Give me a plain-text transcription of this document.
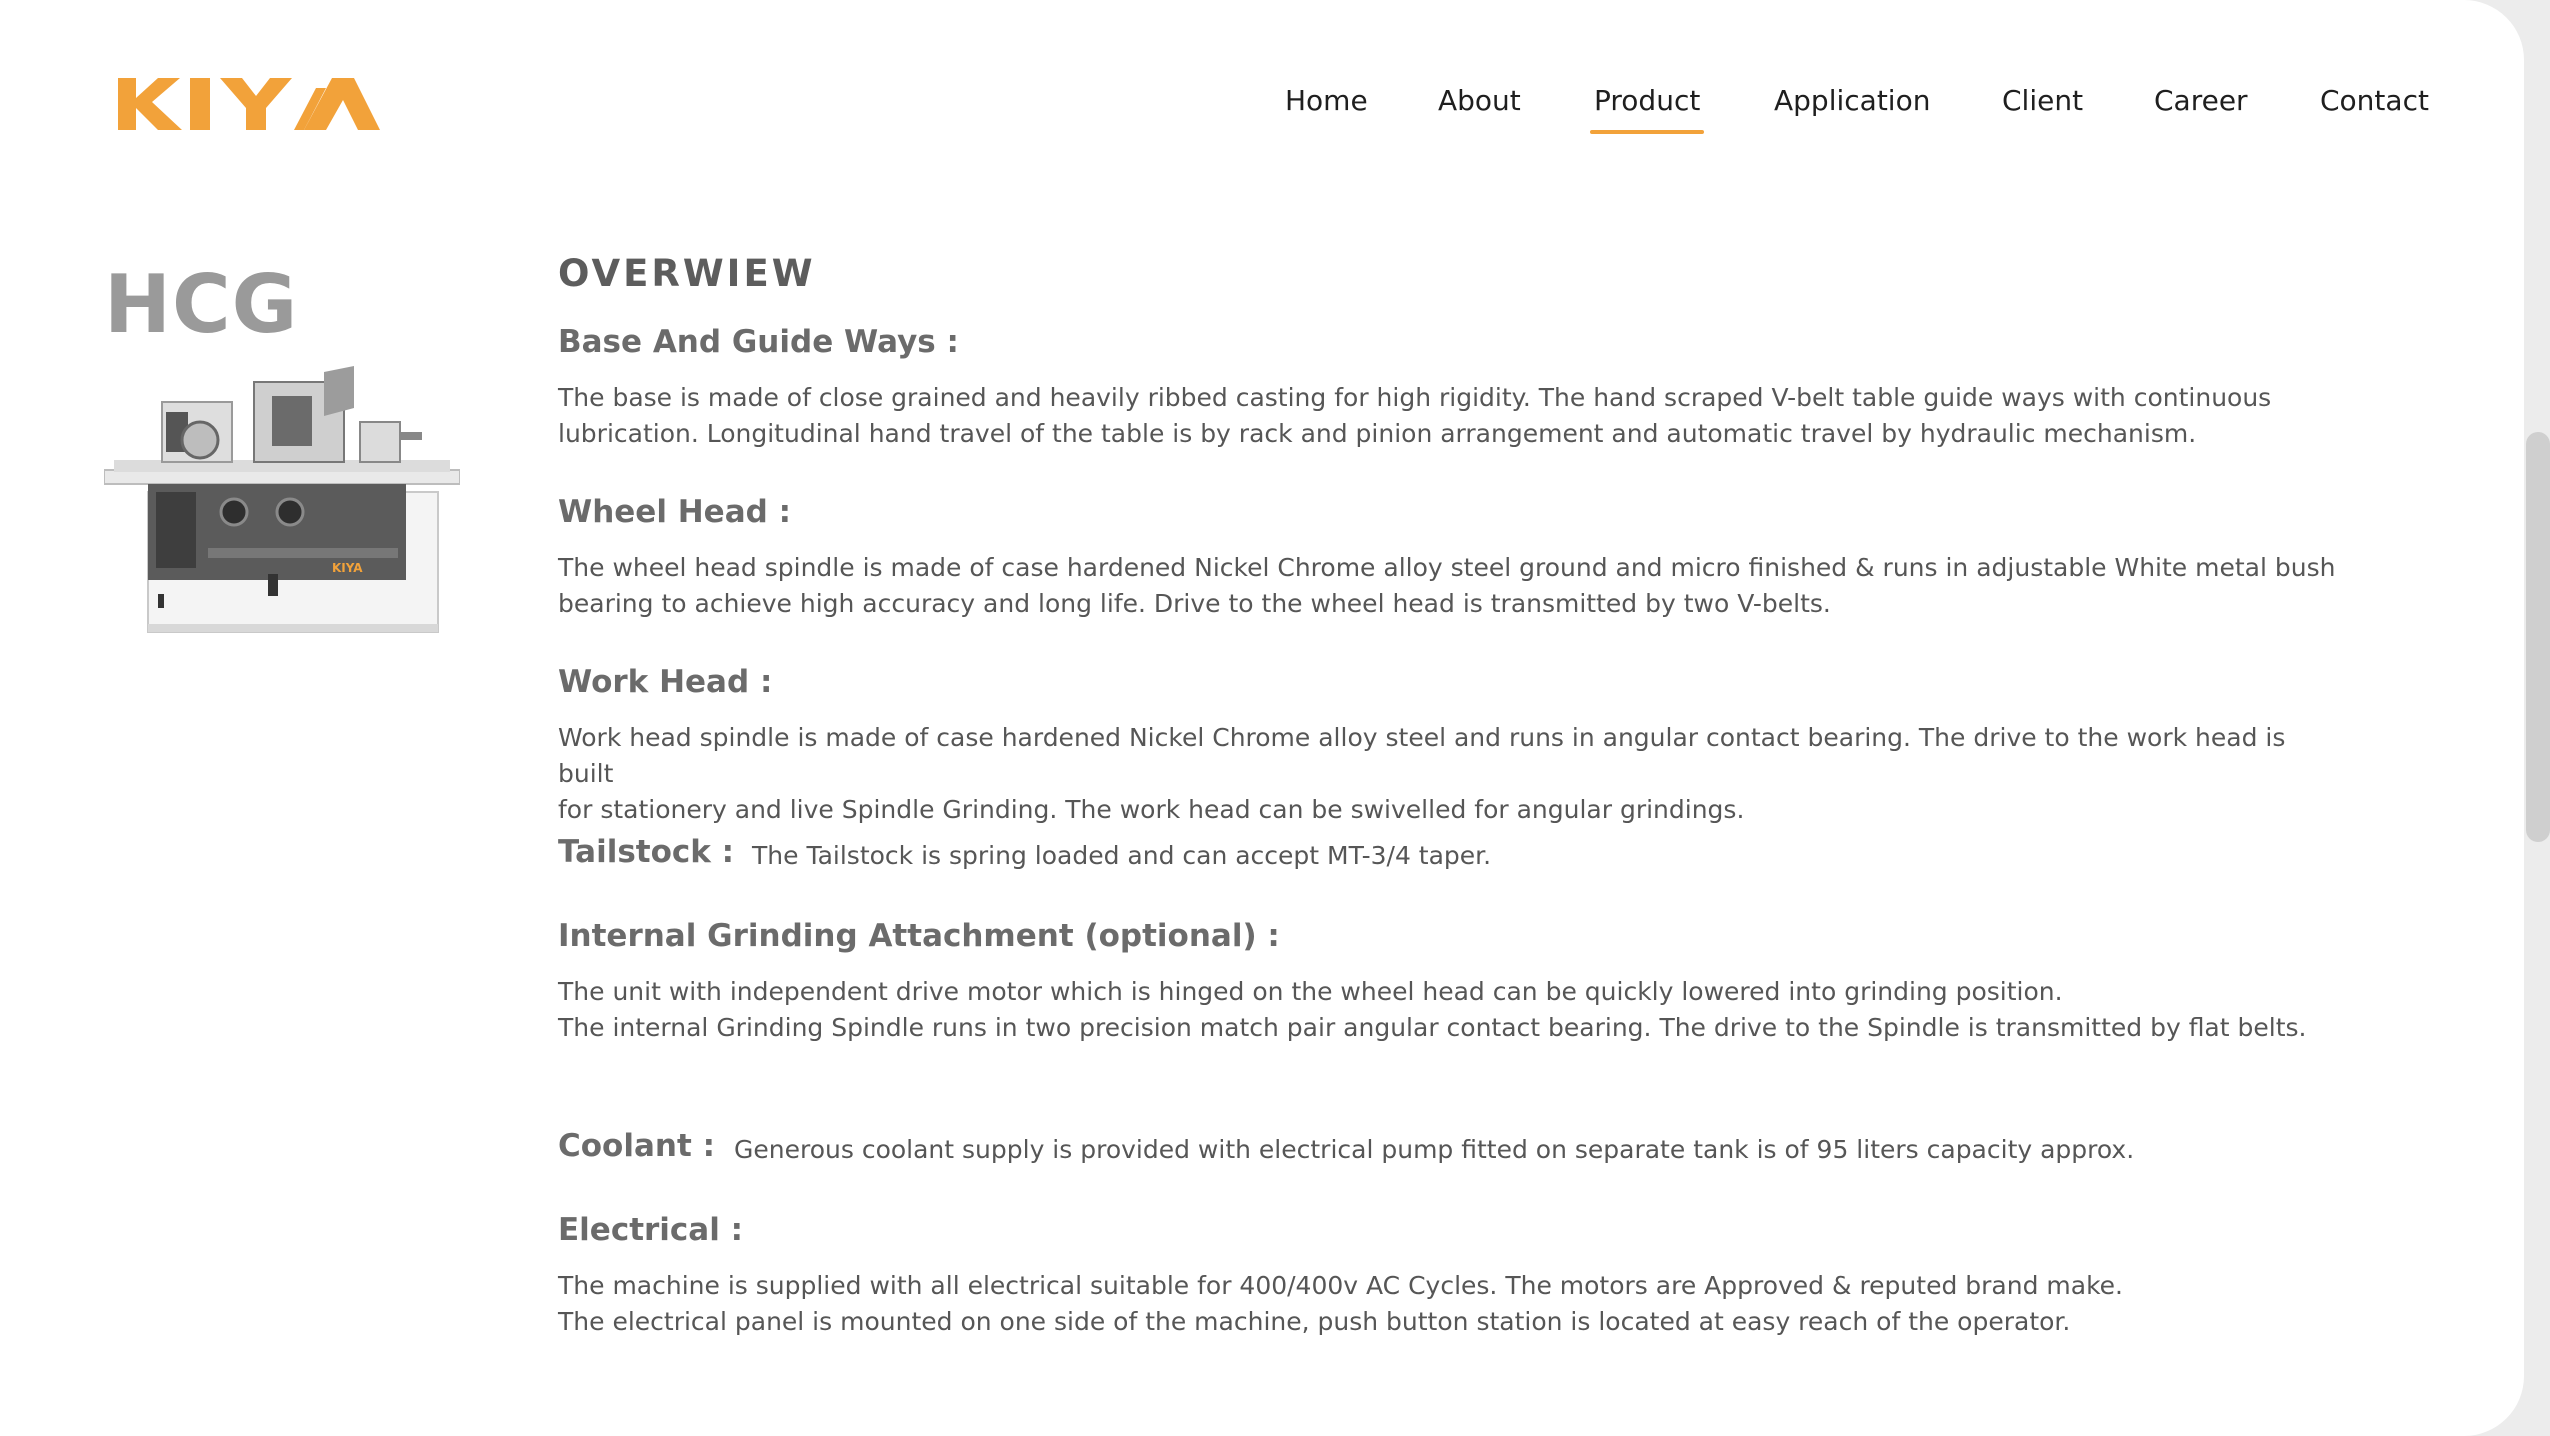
Home	About	Product	Application	Client	Career	Contact
HCG
KIYA
OVERWIEW
Base And Guide Ways :
The base is made of close grained and heavily ribbed casting for high rigidity. The hand scraped V-belt table guide ways with continuous
lubrication. Longitudinal hand travel of the table is by rack and pinion arrangement and automatic travel by hydraulic mechanism.
Wheel Head :
The wheel head spindle is made of case hardened Nickel Chrome alloy steel ground and micro finished & runs in adjustable White metal bush
bearing to achieve high accuracy and long life. Drive to the wheel head is transmitted by two V-belts.
Work Head :
Work head spindle is made of case hardened Nickel Chrome alloy steel and runs in angular contact bearing. The drive to the work head is built
for stationery and live Spindle Grinding. The work head can be swivelled for angular grindings.
Tailstock : The Tailstock is spring loaded and can accept MT-3/4 taper.
Internal Grinding Attachment (optional) :
The unit with independent drive motor which is hinged on the wheel head can be quickly lowered into grinding position.
The internal Grinding Spindle runs in two precision match pair angular contact bearing. The drive to the Spindle is transmitted by flat belts.
Coolant : Generous coolant supply is provided with electrical pump fitted on separate tank is of 95 liters capacity approx.
Electrical :
The machine is supplied with all electrical suitable for 400/400v AC Cycles. The motors are Approved & reputed brand make.
The electrical panel is mounted on one side of the machine, push button station is located at easy reach of the operator.
